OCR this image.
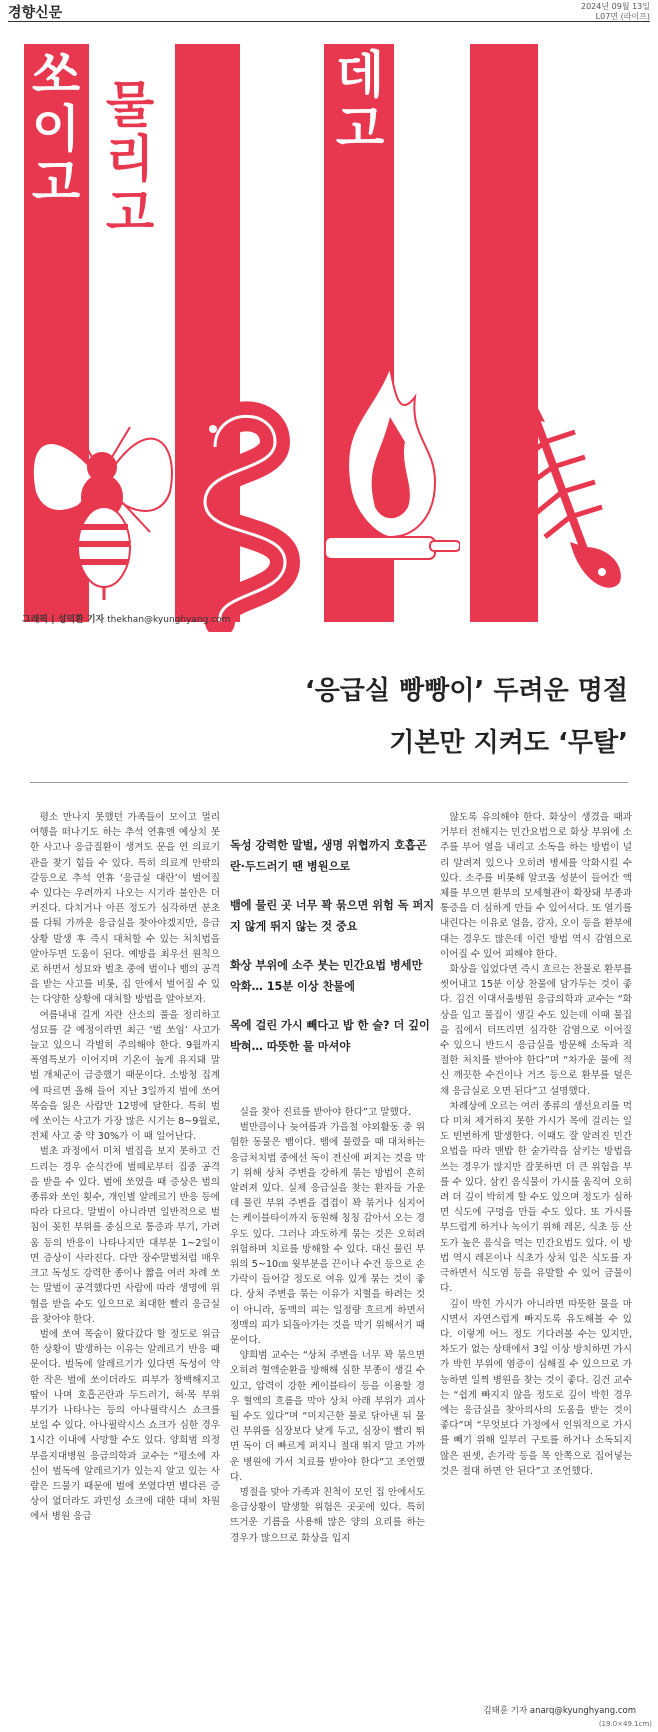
경향신문	2024년 09월 13일
L07면 (라이프)
쏘
이
고
물
리
고
데
고
걸
리
면
?
그래픽 | 성덕환 기자 thekhan@kyunghyang.com
‘응급실 빵빵이’ 두려운 명절
기본만 지켜도 ‘무탈’

평소 만나지 못했던 가족들이 모이고 멀리 여행을 떠나기도 하는 추석 연휴엔 예상치 못한 사고나 응급질환이 생겨도 문을 연 의료기관을 찾기 힘들 수 있다. 특히 의료계 안팎의 갈등으로 추석 연휴 ‘응급실 대란’이 벌어질 수 있다는 우려까지 나오는 시기라 불안은 더 커진다. 다치거나 아픈 정도가 심각하면 분초를 다퉈 가까운 응급실을 찾아야겠지만, 응급상황 발생 후 즉시 대처할 수 있는 처치법을 알아두면 도움이 된다. 예방을 최우선 원칙으로 하면서 성묘와 벌초 중에 벌이나 뱀의 공격을 받는 사고를 비롯, 집 안에서 벌어질 수 있는 다양한 상황에 대처할 방법을 알아보자.

여름내내 길게 자란 산소의 풀을 정리하고 성묘를 갈 예정이라면 최근 ‘벌 쏘임’ 사고가 늘고 있으니 각별히 주의해야 한다. 9월까지 폭염특보가 이어지며 기온이 높게 유지돼 말벌 개체군이 급증했기 때문이다. 소방청 집계에 따르면 올해 들어 지난 3일까지 벌에 쏘여 목숨을 잃은 사람만 12명에 달한다. 특히 벌에 쏘이는 사고가 가장 많은 시기는 8~9월로, 전체 사고 중 약 30%가 이 때 일어난다.

벌초 과정에서 미처 벌집을 보지 못하고 건드리는 경우 순식간에 벌떼로부터 집중 공격을 받을 수 있다. 벌에 쏘였을 때 증상은 벌의 종류와 쏘인 횟수, 개인별 알레르기 반응 등에 따라 다르다. 말벌이 아니라면 일반적으로 벌침이 꽂힌 부위를 중심으로 통증과 부기, 가려움 등의 반응이 나타나지만 대부분 1~2일이면 증상이 사라진다. 다만 장수말벌처럼 매우 크고 독성도 강력한 종이나 짧을 여러 차례 쏘는 말벌이 공격했다면 사람에 따라 생명에 위협을 받을 수도 있으므로 최대한 빨리 응급실을 찾아야 한다.

벌에 쏘여 목숨이 왔다갔다 할 정도로 위급한 상황이 발생하는 이유는 알레르기 반응 때문이다. 벌독에 알레르기가 있다면 독성이 약한 작은 벌에 쏘이더라도 피부가 창백해지고 땀이 나며 호흡곤란과 두드러기, 혀·목 부위 부기가 나타나는 등의 아나필락시스 쇼크를 보일 수 있다. 아나필락시스 쇼크가 심한 경우 1시간 이내에 사망할 수도 있다. 양희범 의정부을지대병원 응급의학과 교수는 “평소에 자신이 벌독에 알레르기가 있는지 알고 있는 사람은 드물기 때문에 벌에 쏘였다면 별다른 증상이 없더라도 과민성 쇼크에 대한 대비 차원에서 병원 응급

독성 강력한 말벌, 생명 위협까지 호흡곤란·두드러기 땐 병원으로
뱀에 물린 곳 너무 꽉 묶으면 위험 독 퍼지지 않게 뛰지 않는 것 중요
화상 부위에 소주 붓는 민간요법 병세만 악화… 15분 이상 찬물에
목에 걸린 가시 빼다고 밥 한 술? 더 깊이 박혀… 따뜻한 물 마셔야

실을 찾아 진료를 받아야 한다”고 말했다.

벌만큼이나 늦여름과 가을철 야외활동 중 위험한 동물은 뱀이다. 뱀에 물렸을 때 대처하는 응급처치법 중에선 독이 전신에 퍼지는 것을 막기 위해 상처 주변을 강하게 묶는 방법이 흔히 알려져 있다. 실제 응급실을 찾는 환자들 가운데 물린 부위 주변을 겹겹이 꽉 묶거나 심지어는 케이블타이까지 동원해 칭칭 감아서 오는 경우도 있다. 그러나 과도하게 묶는 것은 오히려 위험하며 치료를 방해할 수 있다. 대신 물린 부위의 5~10㎝ 윗부분을 끈이나 수건 등으로 손가락이 들어갈 정도로 여유 있게 묶는 것이 좋다. 상처 주변을 묶는 이유가 지혈을 하려는 것이 아니라, 동맥의 피는 일정량 흐르게 하면서 정맥의 피가 되돌아가는 것을 막기 위해서기 때문이다.

양희범 교수는 “상처 주변을 너무 꽉 묶으면 오히려 혈액순환을 방해해 심한 부종이 생길 수 있고, 압력이 강한 케이블타이 등을 이용할 경우 혈액의 흐름을 막아 상처 아래 부위가 괴사될 수도 있다”며 “미지근한 물로 닦아낸 뒤 물린 부위를 심장보다 낮게 두고, 심장이 빨리 뛰면 독이 더 빠르게 퍼지니 절대 뛰지 말고 가까운 병원에 가서 치료를 받아야 한다”고 조언했다.

명절을 맞아 가족과 친척이 모인 집 안에서도 응급상황이 발생할 위험은 곳곳에 있다. 특히 뜨거운 기름을 사용해 많은 양의 요리를 하는 경우가 많으므로 화상을 입지

않도록 유의해야 한다. 화상이 생겼을 때과거부터 전해지는 민간요법으로 화상 부위에 소주를 부어 열을 내리고 소독을 하는 방법이 널리 알려져 있으나 오히려 병세를 악화시킬 수 있다. 소주를 비롯해 알코올 성분이 들어간 액체를 부으면 환부의 모세혈관이 확장돼 부종과 통증을 더 심하게 만들 수 있어서다. 또 열기를 내린다는 이유로 얼음, 감자, 오이 등을 환부에 대는 경우도 많은데 이런 방법 역시 감염으로 이어질 수 있어 피해야 한다.

화상을 입었다면 즉시 흐르는 찬물로 환부를 씻어내고 15분 이상 찬물에 담가두는 것이 좋다. 김건 이대서울병원 응급의학과 교수는 “화상을 입고 물집이 생길 수도 있는데 이때 물집을 집에서 터뜨리면 심각한 감염으로 이어질 수 있으니 반드시 응급실을 방문해 소독과 적절한 처치를 받아야 한다”며 “차가운 물에 적신 깨끗한 수건이나 거즈 등으로 환부를 덮은 채 응급실로 오면 된다”고 설명했다.

차례상에 오르는 여러 종류의 생선요리를 먹다 미처 제거하지 못한 가시가 목에 걸리는 일도 빈번하게 발생한다. 이때도 잘 알려진 민간요법을 따라 맨밥 한 숟가락을 삼키는 방법을 쓰는 경우가 많지만 잘못하면 더 큰 위험을 부를 수 있다. 삼킨 음식물이 가시를 움직여 오히려 더 깊이 박히게 할 수도 있으며 정도가 심하면 식도에 구멍을 만들 수도 있다. 또 가시를 부드럽게 하거나 녹이기 위해 레몬, 식초 등 산도가 높은 음식을 먹는 민간요법도 있다. 이 방법 역시 레몬이나 식초가 상처 입은 식도를 자극하면서 식도염 등을 유발할 수 있어 금물이다.

깊이 박힌 가시가 아니라면 따뜻한 물을 마시면서 자연스럽게 빠지도록 유도해볼 수 있다. 이렇게 어느 정도 기다려볼 수는 있지만, 차도가 없는 상태에서 3일 이상 방치하면 가시가 박힌 부위에 염증이 심해질 수 있으므로 가능하면 일찍 병원을 찾는 것이 좋다. 김건 교수는 “쉽게 빠지지 않을 정도로 깊이 박힌 경우에는 응급실을 찾아의사의 도움을 받는 것이 좋다”며 “무엇보다 가정에서 인위적으로 가시를 빼기 위해 일부러 구토를 하거나 소독되지 않은 핀셋, 손가락 등을 목 안쪽으로 집어넣는 것은 절대 하면 안 된다”고 조언했다.

김태훈 기자 anarq@kyunghyang.com
(19.0×49.1cm)
